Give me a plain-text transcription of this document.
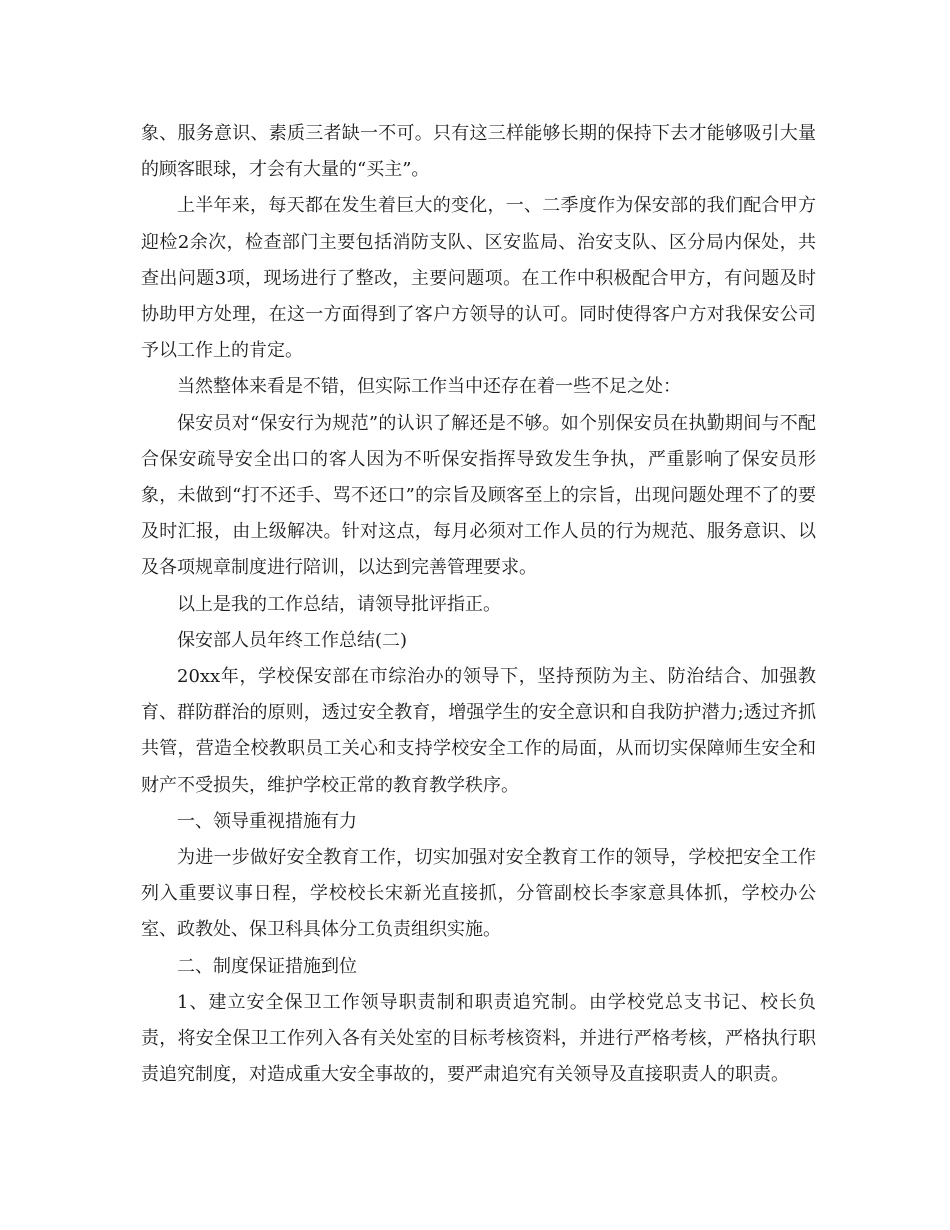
象、服务意识、素质三者缺一不可。只有这三样能够长期的保持下去才能够吸引大量的顾客眼球，才会有大量的“买主”。

上半年来，每天都在发生着巨大的变化，一、二季度作为保安部的我们配合甲方迎检2余次，检查部门主要包括消防支队、区安监局、治安支队、区分局内保处，共查出问题3项，现场进行了整改，主要问题项。在工作中积极配合甲方，有问题及时协助甲方处理，在这一方面得到了客户方领导的认可。同时使得客户方对我保安公司予以工作上的肯定。

当然整体来看是不错，但实际工作当中还存在着一些不足之处：

保安员对“保安行为规范”的认识了解还是不够。如个别保安员在执勤期间与不配合保安疏导安全出口的客人因为不听保安指挥导致发生争执，严重影响了保安员形象，未做到“打不还手、骂不还口”的宗旨及顾客至上的宗旨，出现问题处理不了的要及时汇报，由上级解决。针对这点，每月必须对工作人员的行为规范、服务意识、以及各项规章制度进行陪训，以达到完善管理要求。

以上是我的工作总结，请领导批评指正。

保安部人员年终工作总结(二)

20xx年，学校保安部在市综治办的领导下，坚持预防为主、防治结合、加强教育、群防群治的原则，透过安全教育，增强学生的安全意识和自我防护潜力;透过齐抓共管，营造全校教职员工关心和支持学校安全工作的局面，从而切实保障师生安全和财产不受损失，维护学校正常的教育教学秩序。

一、领导重视措施有力

为进一步做好安全教育工作，切实加强对安全教育工作的领导，学校把安全工作列入重要议事日程，学校校长宋新光直接抓，分管副校长李家意具体抓，学校办公室、政教处、保卫科具体分工负责组织实施。

二、制度保证措施到位

1、建立安全保卫工作领导职责制和职责追究制。由学校党总支书记、校长负责，将安全保卫工作列入各有关处室的目标考核资料，并进行严格考核，严格执行职责追究制度，对造成重大安全事故的，要严肃追究有关领导及直接职责人的职责。
